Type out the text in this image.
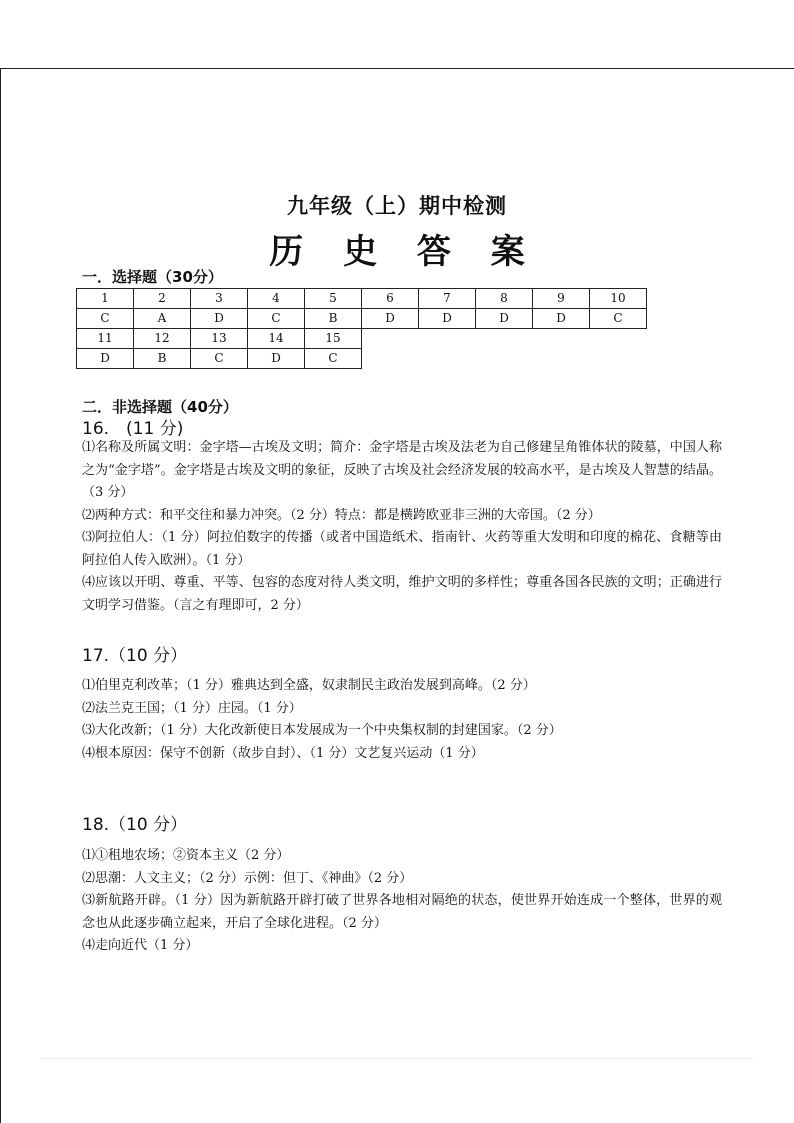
九年级（上）期中检测
历 史 答 案
一．选择题（30分）
1	2	3	4	5	6	7	8	9	10
C	A	D	C	B	D	D	D	D	C
11	12	13	14	15					
D	B	C	D	C					
二．非选择题（40分）
16.　(11 分)

⑴名称及所属文明：金字塔—古埃及文明；简介：金字塔是古埃及法老为自己修建呈角锥体状的陵墓，中国人称之为“金字塔”。金字塔是古埃及文明的象征，反映了古埃及社会经济发展的较高水平，是古埃及人智慧的结晶。（3 分）

⑵两种方式：和平交往和暴力冲突。（2 分）特点：都是横跨欧亚非三洲的大帝国。（2 分）

⑶阿拉伯人：（1 分）阿拉伯数字的传播（或者中国造纸术、指南针、火药等重大发明和印度的棉花、食糖等由阿拉伯人传入欧洲）。（1 分）

⑷应该以开明、尊重、平等、包容的态度对待人类文明，维护文明的多样性；尊重各国各民族的文明；正确进行文明学习借鉴。（言之有理即可，2 分）

17.（10 分）

⑴伯里克利改革；（1 分）雅典达到全盛，奴隶制民主政治发展到高峰。（2 分）

⑵法兰克王国；（1 分）庄园。（1 分）

⑶大化改新；（1 分）大化改新使日本发展成为一个中央集权制的封建国家。（2 分）

⑷根本原因：保守不创新（故步自封）、（1 分）文艺复兴运动（1 分）

18.（10 分）

⑴①租地农场；②资本主义（2 分）

⑵思潮：人文主义；（2 分）示例：但丁、《神曲》（2 分）

⑶新航路开辟。（1 分）因为新航路开辟打破了世界各地相对隔绝的状态，使世界开始连成一个整体，世界的观念也从此逐步确立起来，开启了全球化进程。（2 分）

⑷走向近代（1 分）
